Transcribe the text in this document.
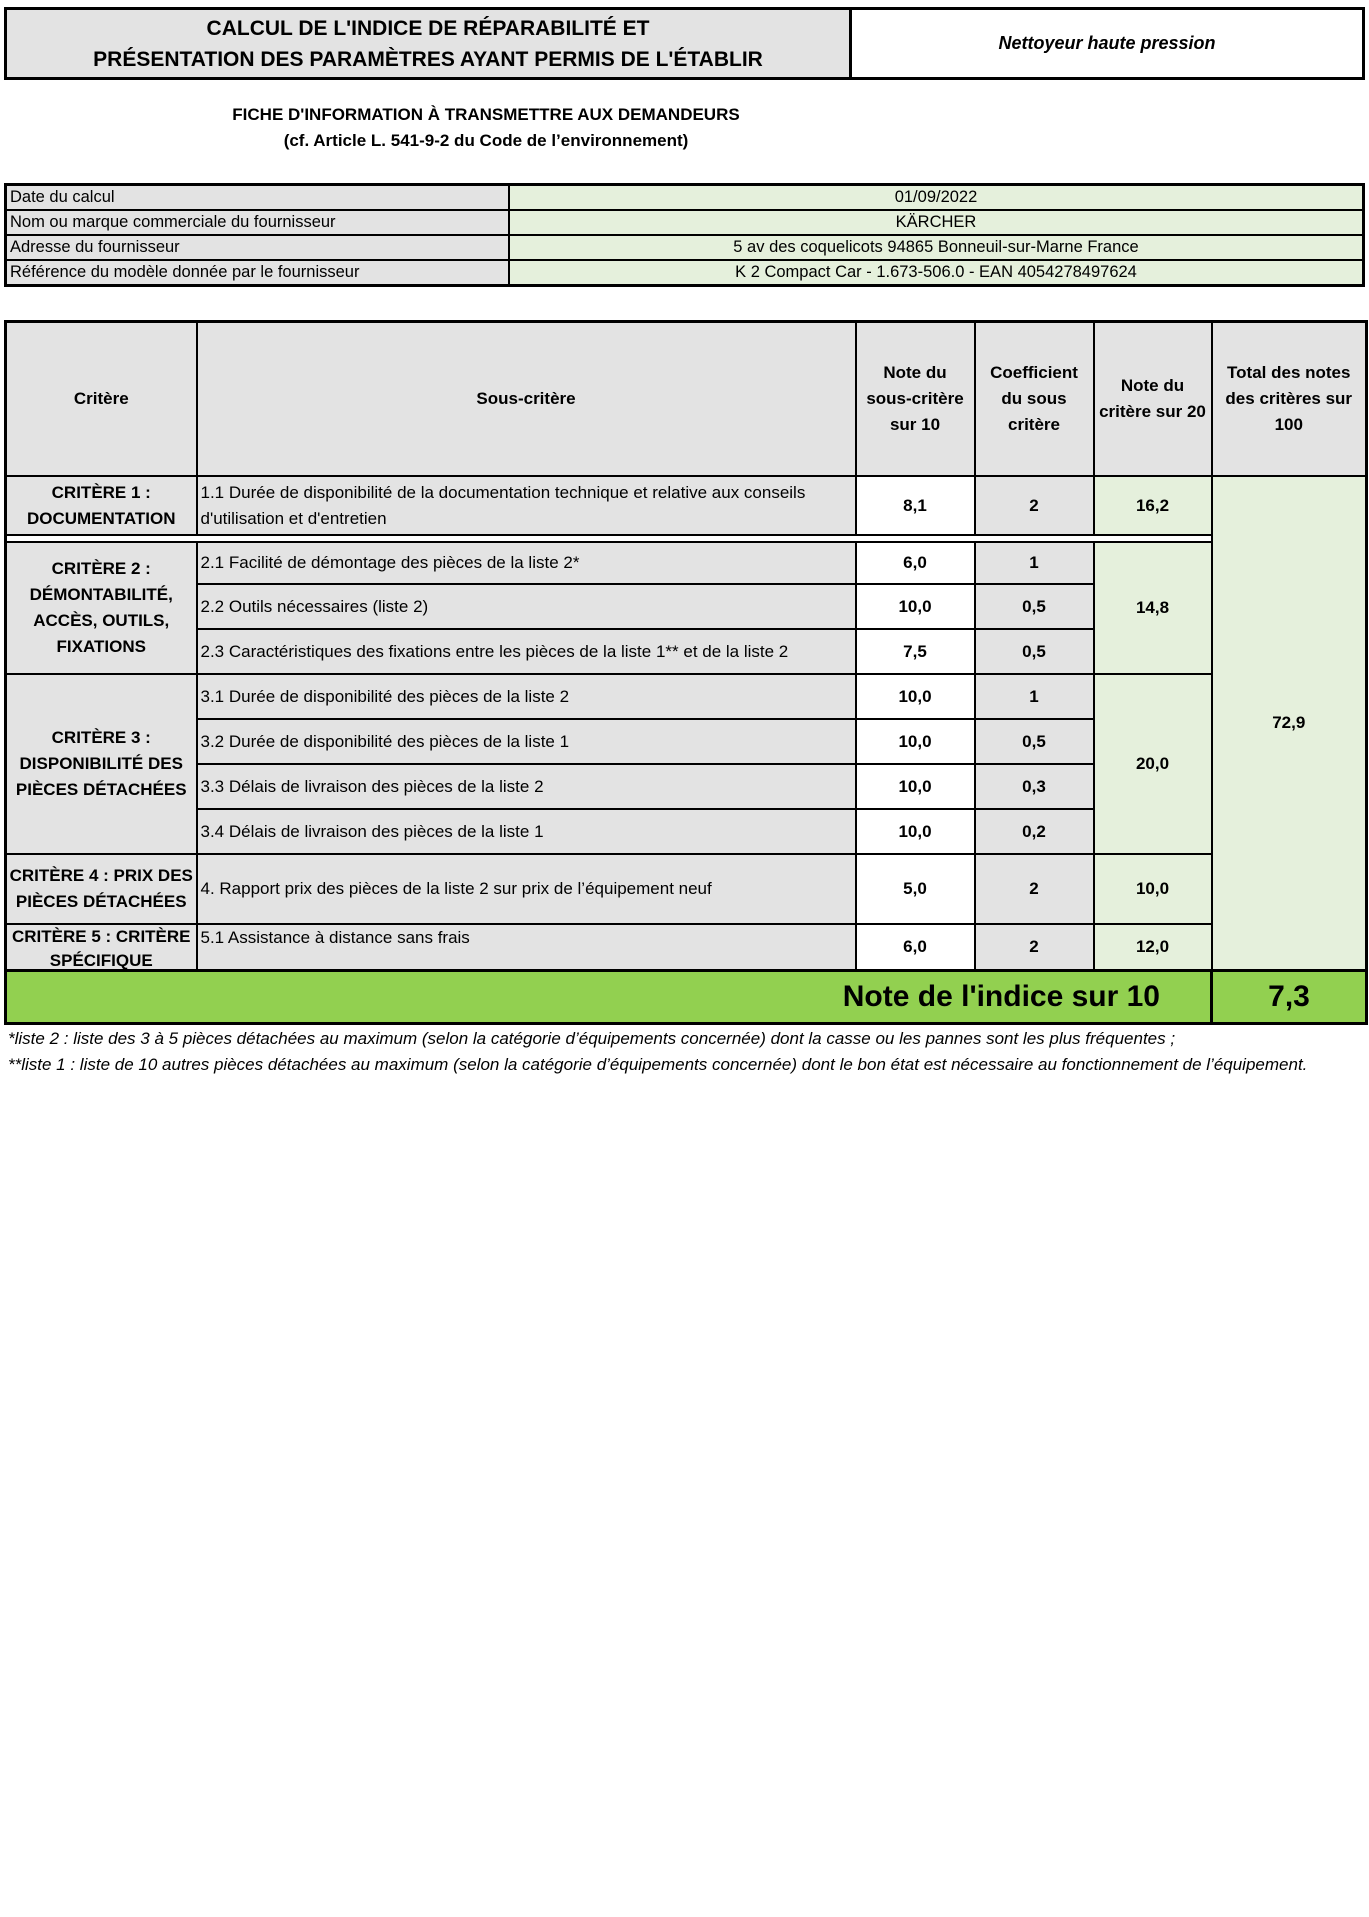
CALCUL DE L'INDICE DE RÉPARABILITÉ ET
PRÉSENTATION DES PARAMÈTRES AYANT PERMIS DE L'ÉTABLIR
Nettoyeur haute pression
FICHE D'INFORMATION À TRANSMETTRE AUX DEMANDEURS
(cf. Article L. 541-9-2 du Code de l’environnement)
Date du calcul	01/09/2022
Nom ou marque commerciale du fournisseur	KÄRCHER
Adresse du fournisseur	5 av des coquelicots 94865 Bonneuil-sur-Marne France
Référence du modèle donnée par le fournisseur	K 2 Compact Car - 1.673-506.0 - EAN 4054278497624
Critère	Sous-critère	Note du sous-critère sur 10	Coefficient du sous critère	Note du critère sur 20	Total des notes des critères sur 100
CRITÈRE 1 : DOCUMENTATION	1.1 Durée de disponibilité de la documentation technique et relative aux conseils d'utilisation et d'entretien	8,1	2	16,2	72,9

CRITÈRE 2 : DÉMONTABILITÉ, ACCÈS, OUTILS, FIXATIONS	2.1 Facilité de démontage des pièces de la liste 2*	6,0	1	14,8	
	2.2 Outils nécessaires (liste 2)	10,0	0,5		
	2.3 Caractéristiques des fixations entre les pièces de la liste 1** et de la liste 2	7,5	0,5		
CRITÈRE 3 : DISPONIBILITÉ DES PIÈCES DÉTACHÉES	3.1 Durée de disponibilité des pièces de la liste 2	10,0	1	20,0	
	3.2 Durée de disponibilité des pièces de la liste 1	10,0	0,5		
	3.3 Délais de livraison des pièces de la liste 2	10,0	0,3		
	3.4 Délais de livraison des pièces de la liste 1	10,0	0,2		
CRITÈRE 4 : PRIX DES PIÈCES DÉTACHÉES	4. Rapport prix des pièces de la liste 2 sur prix de l’équipement neuf	5,0	2	10,0	

CRITÈRE 5 : CRITÈRE SPÉCIFIQUE	5.1 Assistance à distance sans frais	6,0	2	12,0	
Note de l'indice sur 10					7,3
*liste 2 : liste des 3 à 5 pièces détachées au maximum (selon la catégorie d’équipements concernée) dont la casse ou les pannes sont les plus fréquentes ;
**liste 1 : liste de 10 autres pièces détachées au maximum (selon la catégorie d’équipements concernée) dont le bon état est nécessaire au fonctionnement de l’équipement.
